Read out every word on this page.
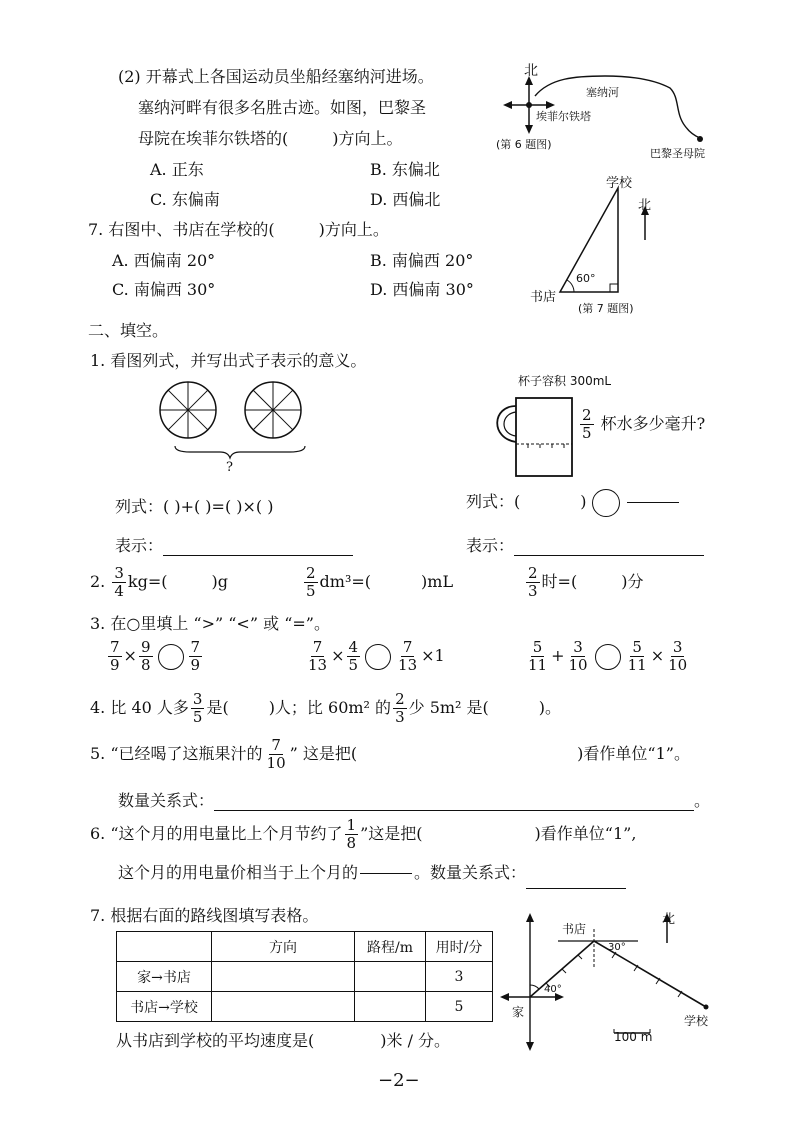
(2) 开幕式上各国运动员坐船经塞纳河进场。
塞纳河畔有很多名胜古迹。如图，巴黎圣
母院在埃菲尔铁塔的(	)方向上。
A. 正东	B. 东偏北
C. 东偏南	D. 西偏北
北
塞纳河
埃菲尔铁塔
巴黎圣母院
(第 6 题图)
7. 右图中、书店在学校的(	)方向上。
A. 西偏南 20°	B. 南偏西 20°
C. 南偏西 30°	D. 西偏南 30°
学校
北
书店
60°
(第 7 题图)
二、填空。
1. 看图列式，并写出式子表示的意义。
?
杯子容积 300mL
$\frac{2}{5}$ 杯水多少毫升?
列式：( )+( )=( )×( )	列式：(	)
表示：	表示：
2. $\frac{3}{4} kg=$(	)g	$\frac{2}{5} dm^3=$(	)mL	$\frac{2}{3}$ 时=(	)分
3. 在○里填上 “>” “<” 或 “=”。
$\frac{7}{9} \times \frac{9}{8} \frac{7}{9}$	$\frac{7}{13} \times \frac{4}{5} \frac{7}{13} \times 1$	$\frac{5}{11} + \frac{3}{10} \frac{5}{11} \times \frac{3}{10}$
4. 比 40 人多 $\frac{3}{5}$ 是(	)人；比 60m² 的 $\frac{2}{3}$ 少 5m² 是(	)。
5. “已经喝了这瓶果汁的 $\frac{7}{10}$ ” 这是把(	)看作单位“1”。
数量关系式：	。
6. “这个月的用电量比上个月节约了 $\frac{1}{8}$ ”这是把(	)看作单位“1”,
这个月的用电量价相当于上个月的	。数量关系式：
7. 根据右面的路线图填写表格。
	方向	路程/m	用时/分
家→书店			3
书店→学校			5
从书店到学校的平均速度是(	)米 / 分。
书店
北
30°
40°
家
学校
100 m
−2−
